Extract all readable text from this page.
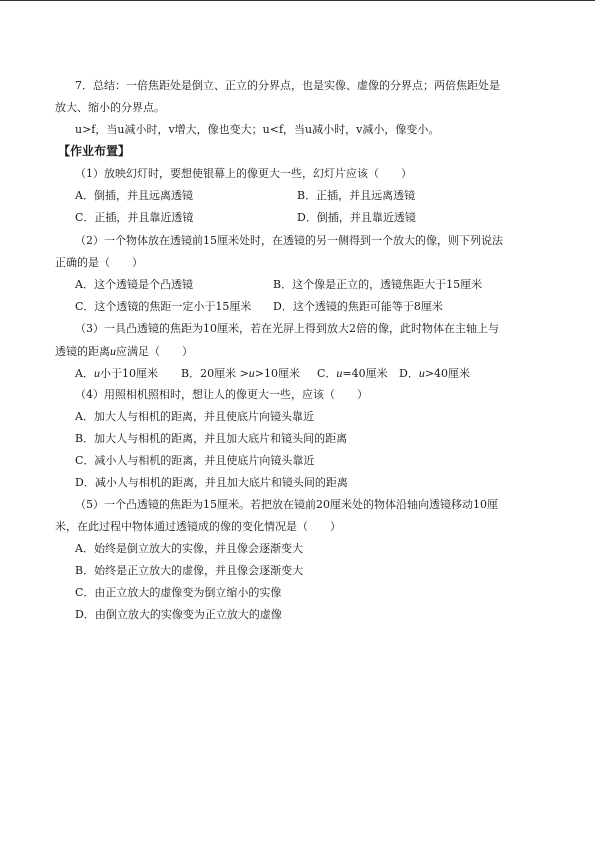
7．总结：一倍焦距处是倒立、正立的分界点，也是实像、虚像的分界点；两倍焦距处是
放大、缩小的分界点。
u>f，当u减小时，v增大，像也变大；u<f，当u减小时，v减小，像变小。
【作业布置】
（1）放映幻灯时，要想使银幕上的像更大一些，幻灯片应该（　　）
A．倒插，并且远离透镜	B．正插，并且远离透镜
C．正插，并且靠近透镜	D．倒插，并且靠近透镜
（2）一个物体放在透镜前15厘米处时，在透镜的另一侧得到一个放大的像，则下列说法
正确的是（　　）
A．这个透镜是个凸透镜	B．这个像是正立的，透镜焦距大于15厘米
C．这个透镜的焦距一定小于15厘米 D．这个透镜的焦距可能等于8厘米
（3）一具凸透镜的焦距为10厘米，若在光屏上得到放大2倍的像，此时物体在主轴上与
透镜的距离u应满足（　　）
A．u小于10厘米 B．20厘米 >u>10厘米 C．u=40厘米 D．u>40厘米
（4）用照相机照相时，想让人的像更大一些，应该（　　）
A．加大人与相机的距离，并且使底片向镜头靠近
B．加大人与相机的距离，并且加大底片和镜头间的距离
C．减小人与相机的距离，并且使底片向镜头靠近
D．减小人与相机的距离，并且加大底片和镜头间的距离
（5）一个凸透镜的焦距为15厘米。若把放在镜前20厘米处的物体沿轴向透镜移动10厘
米，在此过程中物体通过透镜成的像的变化情况是（　　）
A．始终是倒立放大的实像，并且像会逐渐变大
B．始终是正立放大的虚像，并且像会逐渐变大
C．由正立放大的虚像变为倒立缩小的实像
D．由倒立放大的实像变为正立放大的虚像
